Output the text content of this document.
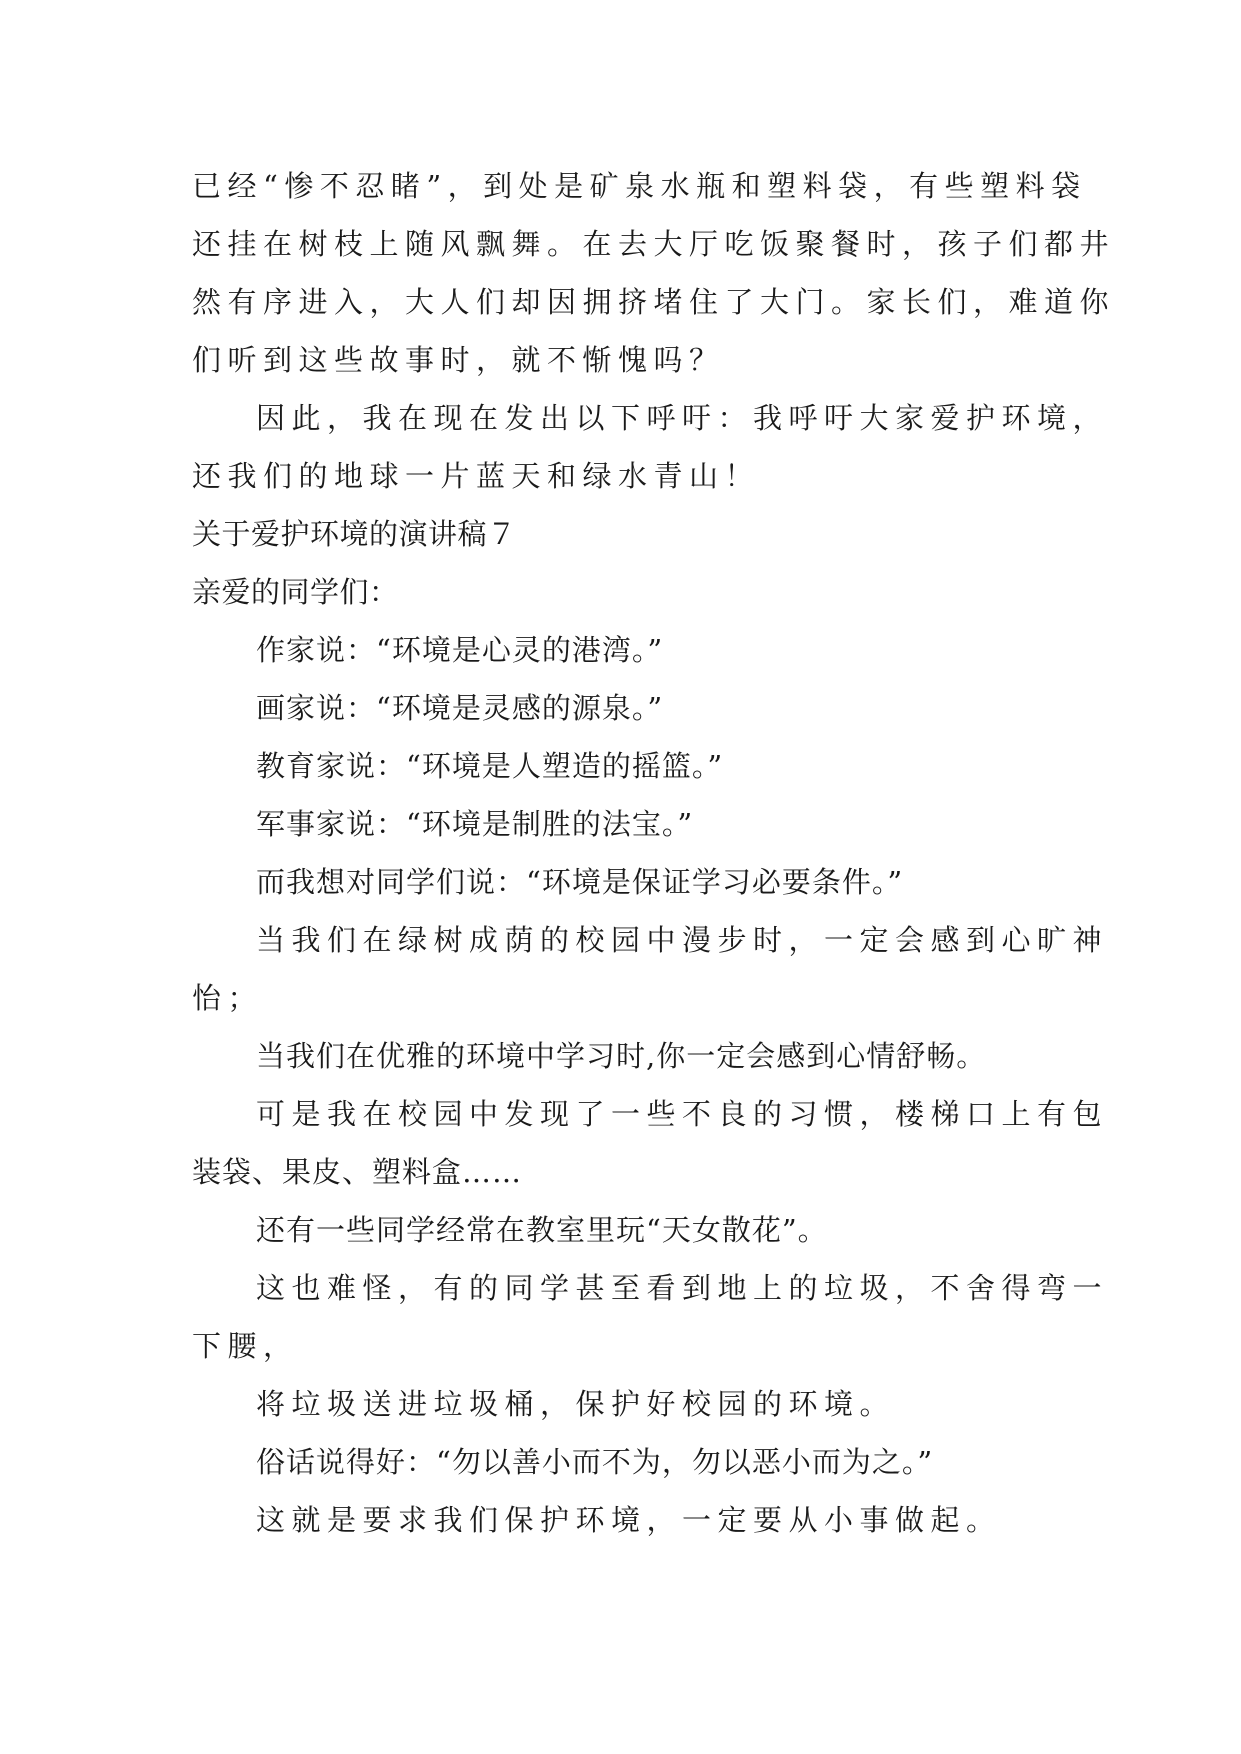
已经“惨不忍睹”，到处是矿泉水瓶和塑料袋，有些塑料袋
还挂在树枝上随风飘舞。在去大厅吃饭聚餐时，孩子们都井
然有序进入，大人们却因拥挤堵住了大门。家长们，难道你
们听到这些故事时，就不惭愧吗？
因此，我在现在发出以下呼吁：我呼吁大家爱护环境，
还我们的地球一片蓝天和绿水青山！
关于爱护环境的演讲稿７
亲爱的同学们：
作家说：“环境是心灵的港湾。”
画家说：“环境是灵感的源泉。”
教育家说：“环境是人塑造的摇篮。”
军事家说：“环境是制胜的法宝。”
而我想对同学们说：“环境是保证学习必要条件。”
当我们在绿树成荫的校园中漫步时，一定会感到心旷神
怡；
当我们在优雅的环境中学习时,你一定会感到心情舒畅。
可是我在校园中发现了一些不良的习惯，楼梯口上有包
装袋、果皮、塑料盒……
还有一些同学经常在教室里玩“天女散花”。
这也难怪，有的同学甚至看到地上的垃圾，不舍得弯一
下腰，
将垃圾送进垃圾桶，保护好校园的环境。
俗话说得好：“勿以善小而不为，勿以恶小而为之。”
这就是要求我们保护环境，一定要从小事做起。
